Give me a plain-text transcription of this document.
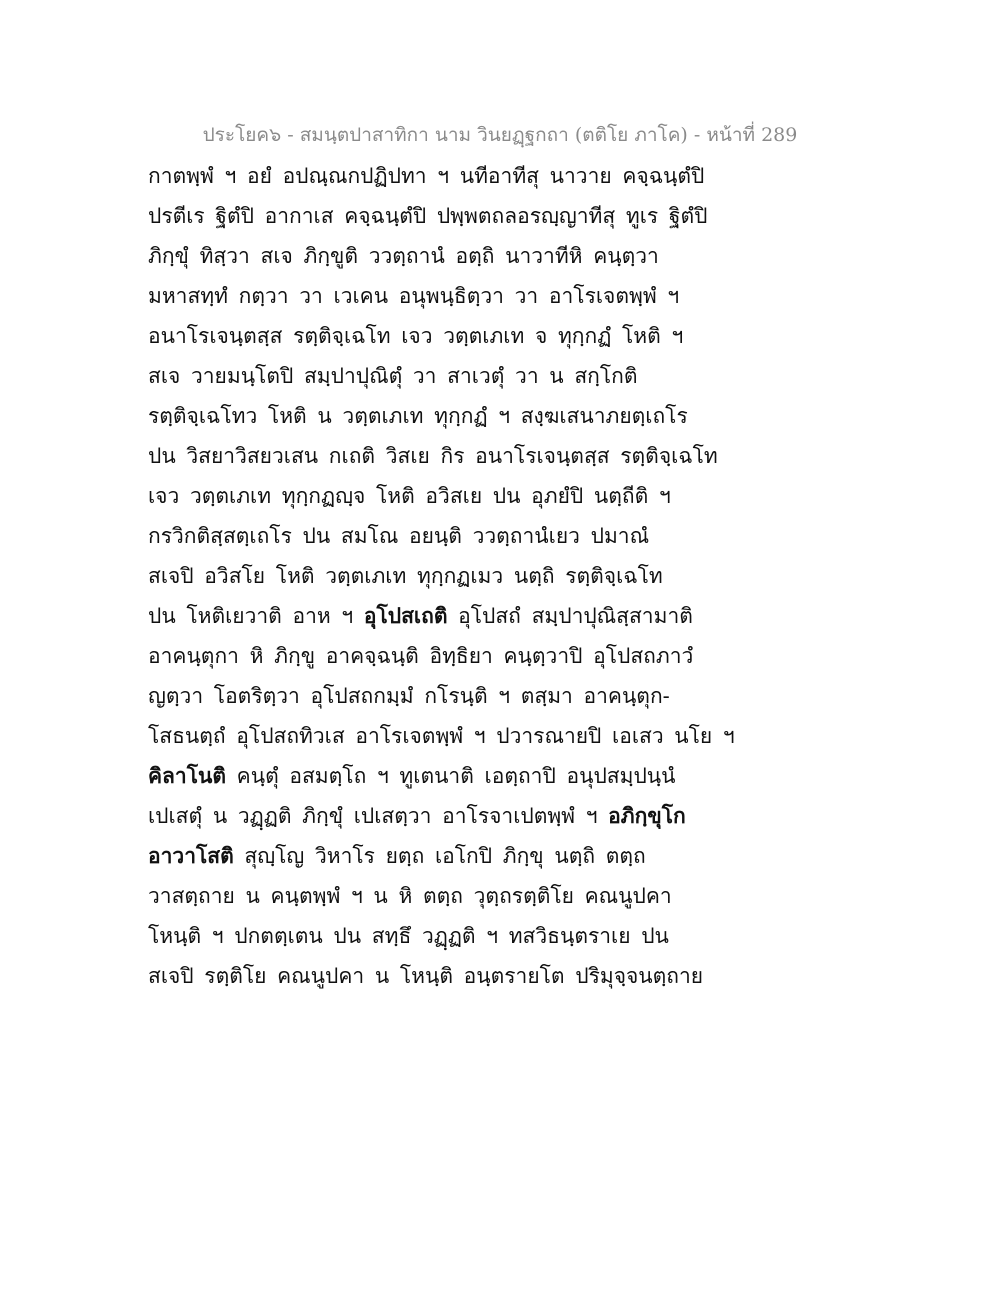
ประโยค๖ - สมนฺตปาสาทิกา นาม วินยฏฺฐกถา (ตติโย ภาโค) - หน้าที่ 289
กาตพฺพํ ฯ อยํ อปณฺณกปฏิปทา ฯ นทีอาทีสุ นาวาย คจฺฉนฺตํปิ
ปรตีเร ฐิตํปิ อากาเส คจฺฉนฺตํปิ ปพฺพตถลอรญฺญาทีสุ ทูเร ฐิตํปิ
ภิกฺขุํ ทิสฺวา สเจ ภิกฺขูติ ววตฺถานํ อตฺถิ นาวาทีหิ คนฺตฺวา
มหาสทฺทํ กตฺวา วา เวเคน อนุพนฺธิตฺวา วา อาโรเจตพฺพํ ฯ
อนาโรเจนฺตสฺส รตฺติจฺเฉโท เจว วตฺตเภเท จ ทุกฺกฏํ โหติ ฯ
สเจ วายมนฺโตปิ สมฺปาปุณิตุํ วา สาเวตุํ วา น สกฺโกติ
รตฺติจฺเฉโทว โหติ น วตฺตเภเท ทุกฺกฏํ ฯ สงฺฆเสนาภยตฺเถโร
ปน วิสยาวิสยวเสน กเถติ วิสเย กิร อนาโรเจนฺตสฺส รตฺติจฺเฉโท
เจว วตฺตเภเท ทุกฺกฏญฺจ โหติ อวิสเย ปน อุภยํปิ นตฺถีติ ฯ
กรวิกติสฺสตฺเถโร ปน สมโณ อยนฺติ ววตฺถานํเยว ปมาณํ
สเจปิ อวิสโย โหติ วตฺตเภเท ทุกฺกฏเมว นตฺถิ รตฺติจฺเฉโท
ปน โหติเยวาติ อาห ฯ อุโปสเถติ อุโปสถํ สมฺปาปุณิสฺสามาติ
อาคนฺตุกา หิ ภิกฺขู อาคจฺฉนฺติ อิทฺธิยา คนฺตฺวาปิ อุโปสถภาวํ
ญตฺวา โอตริตฺวา อุโปสถกมฺมํ กโรนฺติ ฯ ตสฺมา อาคนฺตุก-
โสธนตฺถํ อุโปสถทิวเส อาโรเจตพฺพํ ฯ ปวารณายปิ เอเสว นโย ฯ
คิลาโนติ คนฺตุํ อสมตฺโถ ฯ ทูเตนาติ เอตฺถาปิ อนุปสมฺปนฺนํ
เปเสตุํ น วฏฺฏติ ภิกฺขุํ เปเสตฺวา อาโรจาเปตพฺพํ ฯ อภิกฺขุโก
อาวาโสติ สุญฺโญ วิหาโร ยตฺถ เอโกปิ ภิกฺขุ นตฺถิ ตตฺถ
วาสตฺถาย น คนฺตพฺพํ ฯ น หิ ตตฺถ วุตฺถรตฺติโย คณนูปคา
โหนฺติ ฯ ปกตตฺเตน ปน สทฺธึ วฏฺฏติ ฯ ทสวิธนฺตราเย ปน
สเจปิ รตฺติโย คณนูปคา น โหนฺติ อนฺตรายโต ปริมุจฺจนตฺถาย
